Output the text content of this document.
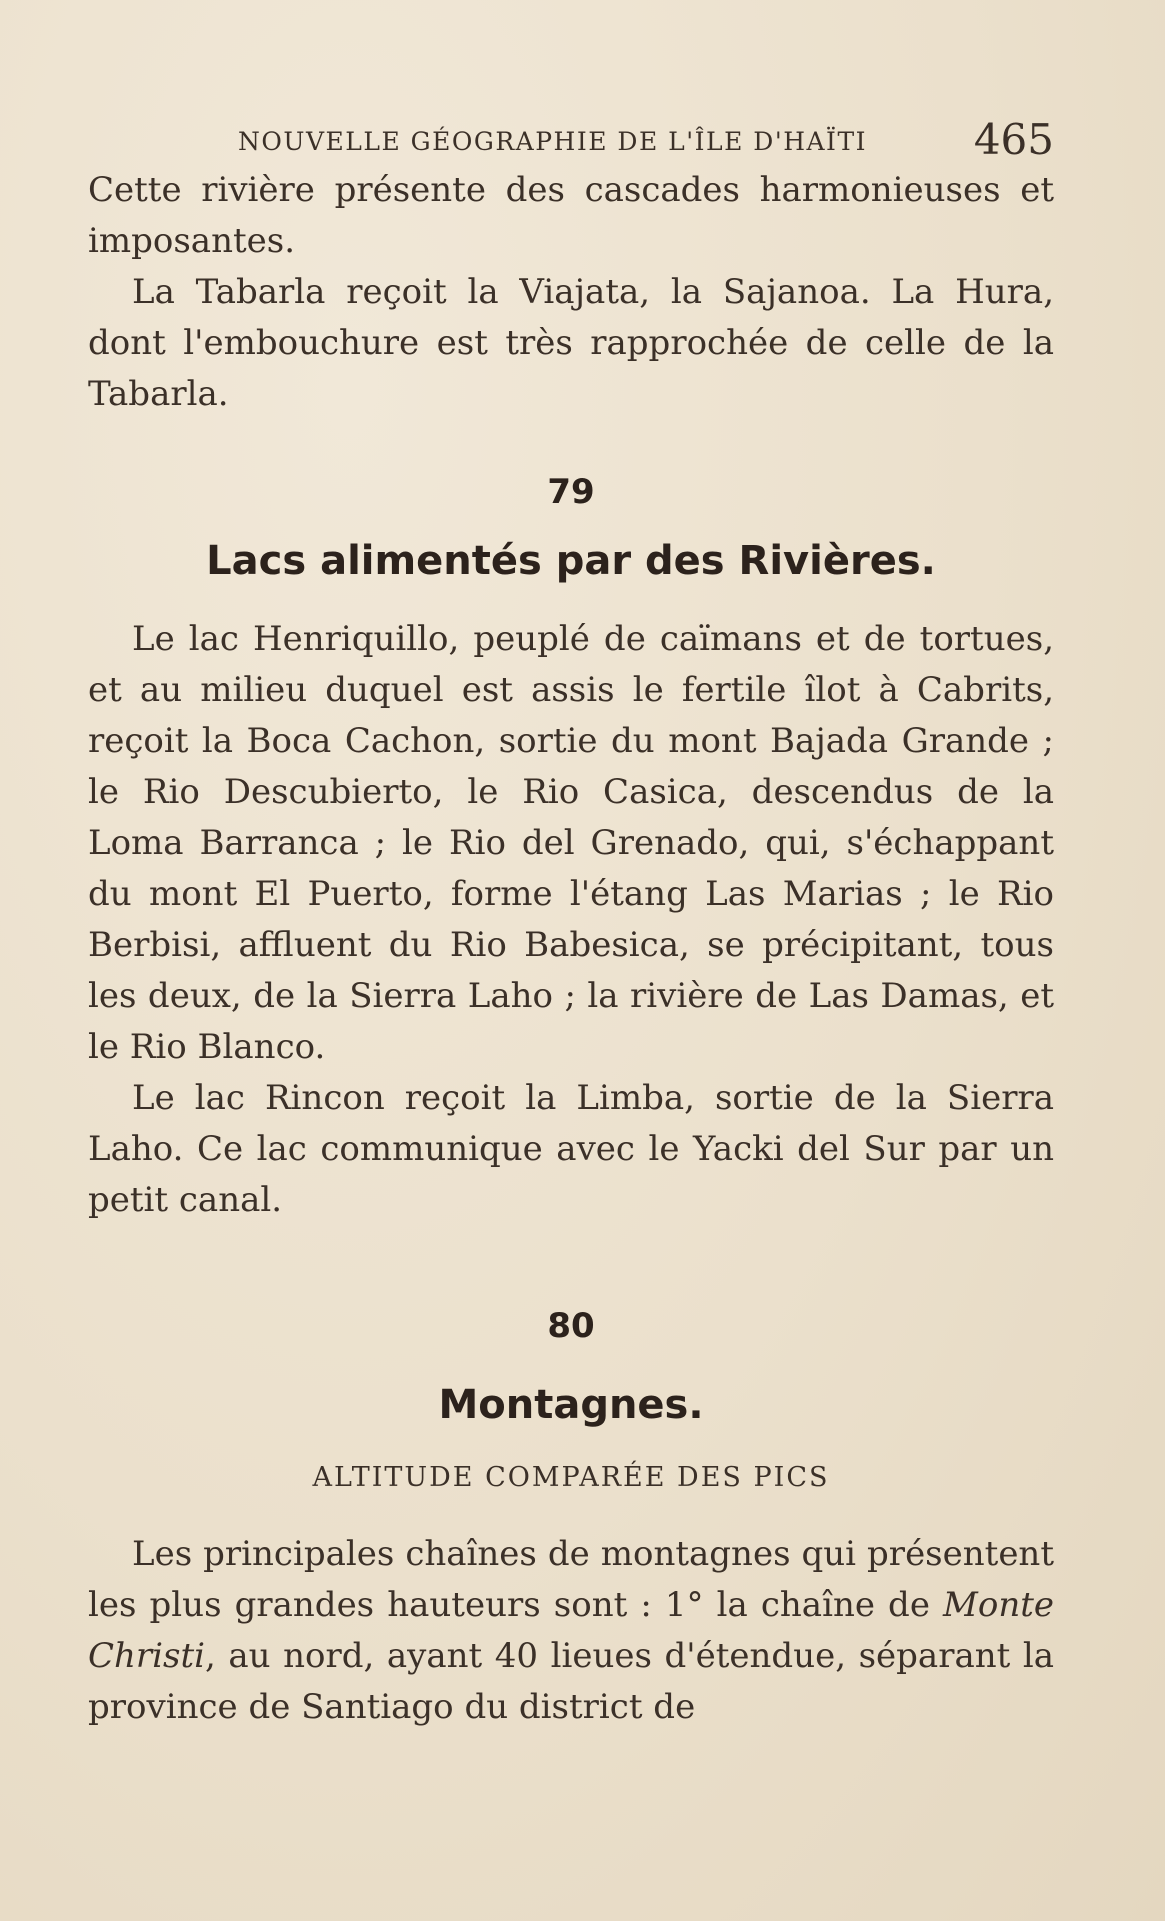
NOUVELLE GÉOGRAPHIE DE L'ÎLE D'HAÏTI	465

Cette rivière présente des cascades harmonieuses et imposantes.

La Tabarla reçoit la Viajata, la Sajanoa. La Hura, dont l'embouchure est très rapprochée de celle de la Tabarla.

79
Lacs alimentés par des Rivières.

Le lac Henriquillo, peuplé de caïmans et de tortues, et au milieu duquel est assis le fertile îlot à Cabrits, reçoit la Boca Cachon, sortie du mont Bajada Grande ; le Rio Descubierto, le Rio Casica, descendus de la Loma Barranca ; le Rio del Grenado, qui, s'échappant du mont El Puerto, forme l'étang Las Marias ; le Rio Berbisi, affluent du Rio Babesica, se précipitant, tous les deux, de la Sierra Laho ; la rivière de Las Damas, et le Rio Blanco.

Le lac Rincon reçoit la Limba, sortie de la Sierra Laho. Ce lac communique avec le Yacki del Sur par un petit canal.

80
Montagnes.
ALTITUDE COMPARÉE DES PICS

Les principales chaînes de montagnes qui présentent les plus grandes hauteurs sont : 1° la chaîne de Monte Christi, au nord, ayant 40 lieues d'étendue, séparant la province de Santiago du district de
